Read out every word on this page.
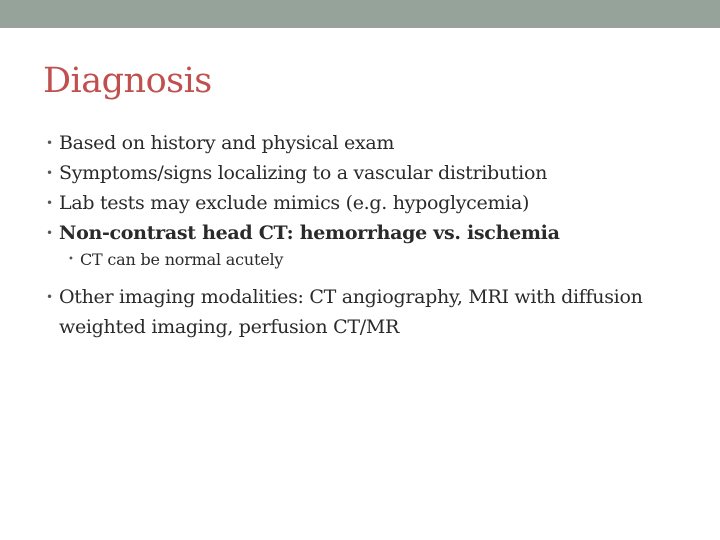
Diagnosis
• Based on history and physical exam
• Symptoms/signs localizing to a vascular distribution
• Lab tests may exclude mimics (e.g. hypoglycemia)
• Non-contrast head CT: hemorrhage vs. ischemia
• CT can be normal acutely
• Other imaging modalities: CT angiography, MRI with diffusion weighted imaging, perfusion CT/MR
